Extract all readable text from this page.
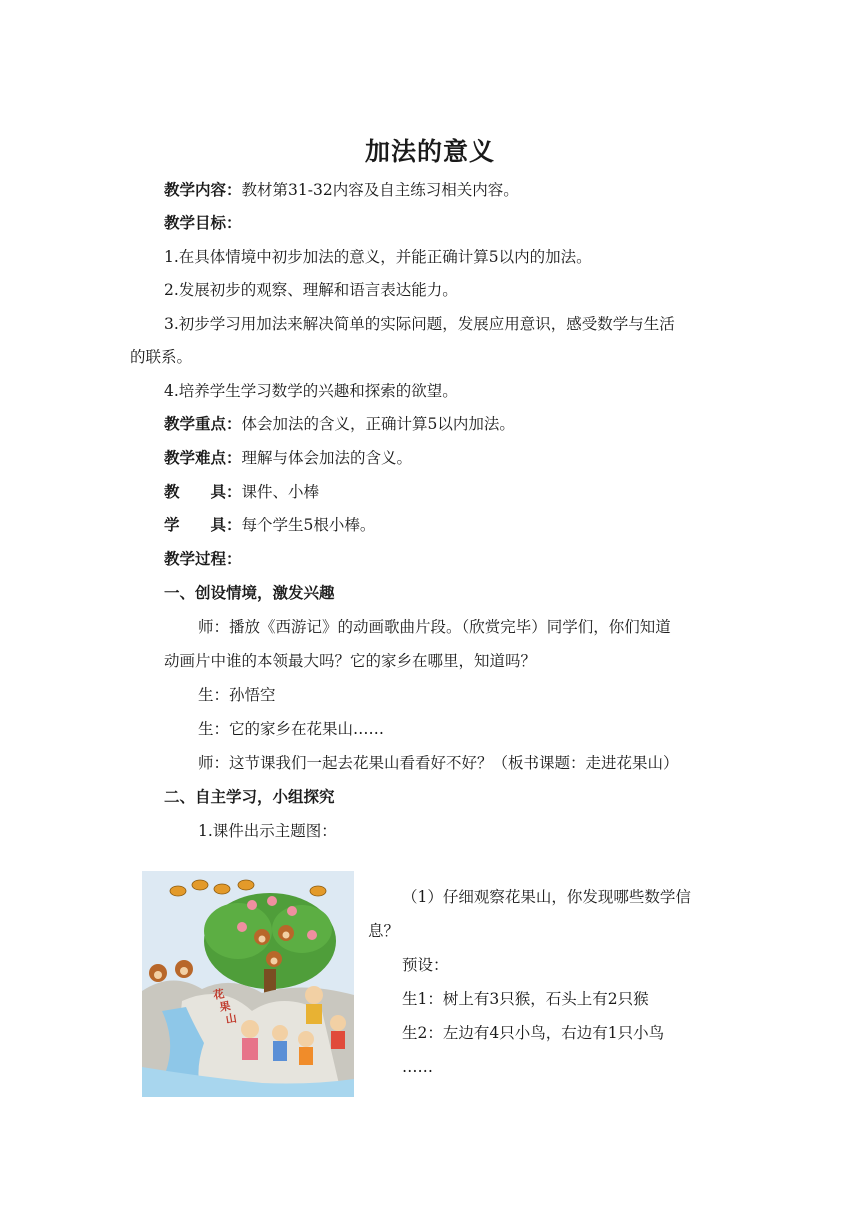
加法的意义
教学内容：教材第31-32内容及自主练习相关内容。
教学目标：
1.在具体情境中初步加法的意义，并能正确计算5以内的加法。
2.发展初步的观察、理解和语言表达能力。
3.初步学习用加法来解决简单的实际问题，发展应用意识，感受数学与生活
的联系。
4.培养学生学习数学的兴趣和探索的欲望。
教学重点：体会加法的含义，正确计算5以内加法。
教学难点：理解与体会加法的含义。
教　　具：课件、小棒
学　　具：每个学生5根小棒。
教学过程：
一、创设情境，激发兴趣
师：播放《西游记》的动画歌曲片段。（欣赏完毕）同学们，你们知道
动画片中谁的本领最大吗？它的家乡在哪里，知道吗？
生：孙悟空
生：它的家乡在花果山……
师：这节课我们一起去花果山看看好不好？（板书课题：走进花果山）
二、自主学习，小组探究
1.课件出示主题图：
花 果 山
（1）仔细观察花果山，你发现哪些数学信
息？
预设：
生1：树上有3只猴，石头上有2只猴
生2：左边有4只小鸟，右边有1只小鸟
……
